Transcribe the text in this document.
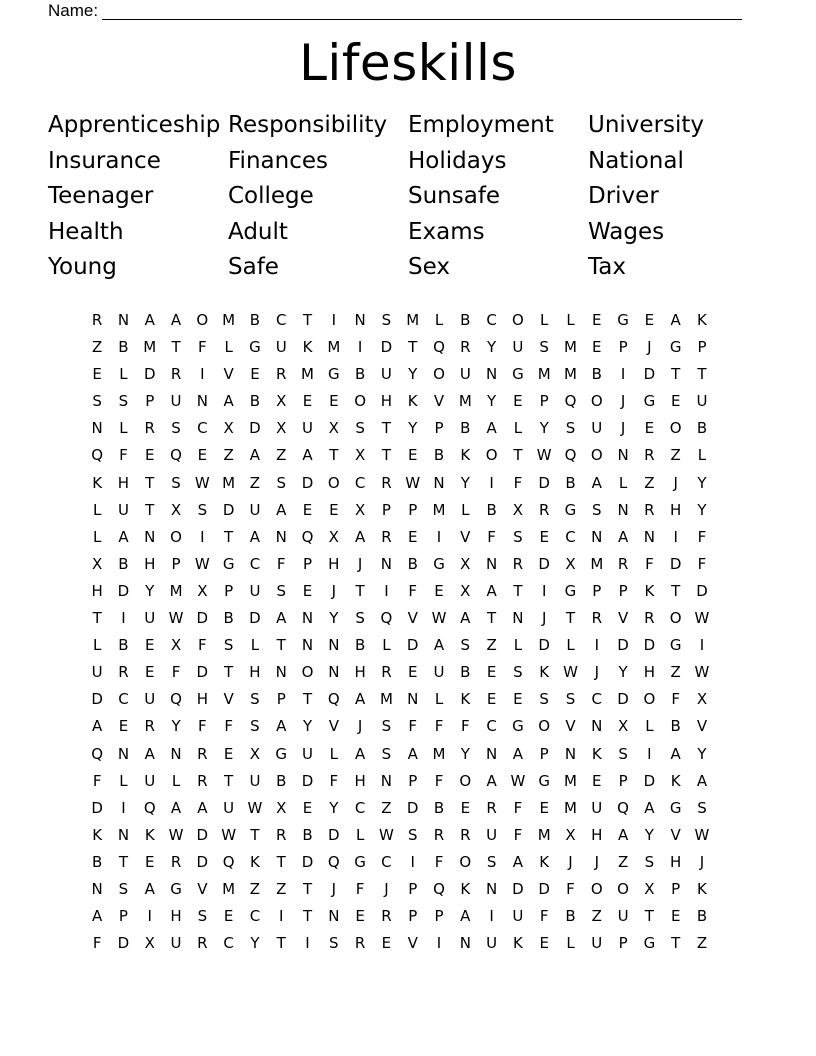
Name:
Lifeskills
Apprenticeship Responsibility Employment	University
Insurance	Finances	Holidays	National
Teenager	College	Sunsafe	Driver
Health	Adult	Exams	Wages
Young	Safe	Sex	Tax
R	N	A	A	O M B	C	T	I	N	S	M	L	B	C	O	L	L	E	G	E	A	K
Z	B M	T	F	L	G	U	K M	I	D	T	Q	R	Y	U	S	M	E	P	J	G	P
E	L	D	R	I	V	E	R M G	B	U	Y	O U	N G M M B	I	D	T	T
S	S	P	U	N	A	B	X	E	E	O H	K	V M	Y	E	P	Q O	J	G	E	U
N	L	R	S	C	X	D	X	U	X	S	T	Y	P	B	A	L	Y	S	U	J	E	O	B
Q	F	E	Q	E	Z	A	Z	A	T	X	T	E	B	K	O	T W Q O N	R	Z	L
K	H	T	S W M Z	S	D O	C	R W N	Y	I	F	D	B	A	L	Z	J	Y
L	U	T	X	S	D	U	A	E	E	X	P	P	M	L	B	X	R	G	S	N	R	H	Y
L	A	N O	I	T	A	N Q	X	A	R	E	I	V	F	S	E	C	N	A	N	I	F
X	B	H	P W G	C	F	P	H	J	N	B	G	X	N	R	D	X M R	F	D	F
H D	Y	M X	P	U	S	E	J	T	I	F	E	X	A	T	I	G	P	P	K	T	D
T	I	U W D	B	D	A	N	Y	S	Q	V W A	T	N	J	T	R	V	R	O W
L	B	E	X	F	S	L	T	N	N	B	L	D	A	S	Z	L	D	L	I	D D G	I
U	R	E	F	D	T	H	N O N	H	R	E	U	B	E	S	K W	J	Y	H	Z W
D	C	U Q H	V	S	P	T	Q	A M N	L	K	E	E	S	S	C	D O	F	X
A	E	R	Y	F	F	S	A	Y	V	J	S	F	F	F	C	G O	V	N	X	L	B	V
Q N	A	N	R	E	X	G	U	L	A	S	A M	Y	N	A	P	N	K	S	I	A	Y
F	L	U	L	R	T	U	B	D	F	H	N	P	F	O	A W G M	E	P	D	K	A
D	I	Q	A	A	U W X	E	Y	C	Z	D	B	E	R	F	E	M U Q	A	G	S
K	N	K W D W T	R	B	D	L W S	R	R	U	F	M X	H	A	Y	V W
B	T	E	R	D Q	K	T	D Q G	C	I	F	O	S	A	K	J	J	Z	S	H	J
N	S	A	G	V M Z	Z	T	J	F	J	P	Q	K	N D D	F	O O	X	P	K
A	P	I	H	S	E	C	I	T	N	E	R	P	P	A	I	U	F	B	Z	U	T	E	B
F	D	X	U	R	C	Y	T	I	S	R	E	V	I	N	U	K	E	L	U	P	G	T	Z
